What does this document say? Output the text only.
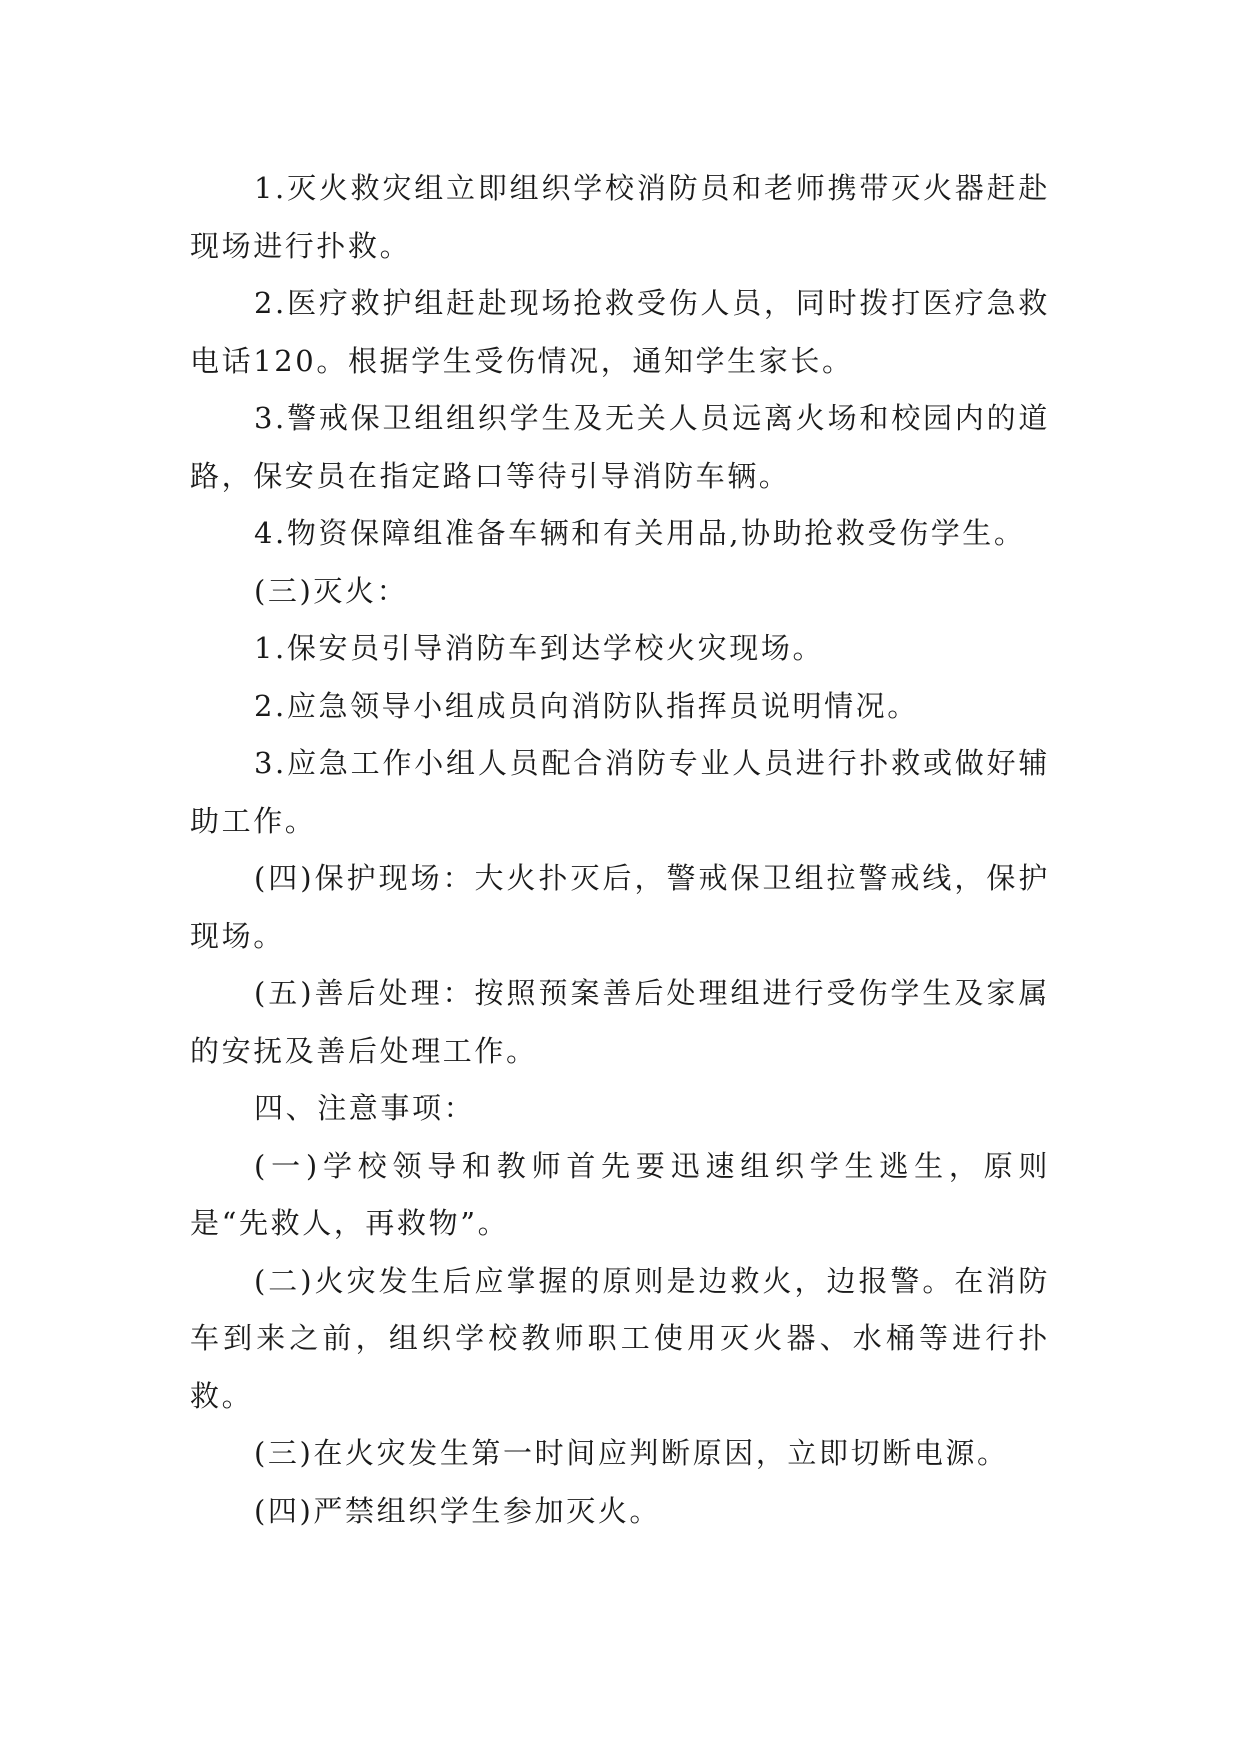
1.灭火救灾组立即组织学校消防员和老师携带灭火器赶赴现场进行扑救。

2.医疗救护组赶赴现场抢救受伤人员，同时拨打医疗急救电话120。根据学生受伤情况，通知学生家长。

3.警戒保卫组组织学生及无关人员远离火场和校园内的道路，保安员在指定路口等待引导消防车辆。

4.物资保障组准备车辆和有关用品,协助抢救受伤学生。

(三)灭火：

1.保安员引导消防车到达学校火灾现场。

2.应急领导小组成员向消防队指挥员说明情况。

3.应急工作小组人员配合消防专业人员进行扑救或做好辅助工作。

(四)保护现场：大火扑灭后，警戒保卫组拉警戒线，保护现场。

(五)善后处理：按照预案善后处理组进行受伤学生及家属的安抚及善后处理工作。

四、注意事项：

(一)学校领导和教师首先要迅速组织学生逃生，原则是“先救人，再救物”。

(二)火灾发生后应掌握的原则是边救火，边报警。在消防车到来之前，组织学校教师职工使用灭火器、水桶等进行扑救。

(三)在火灾发生第一时间应判断原因，立即切断电源。

(四)严禁组织学生参加灭火。
